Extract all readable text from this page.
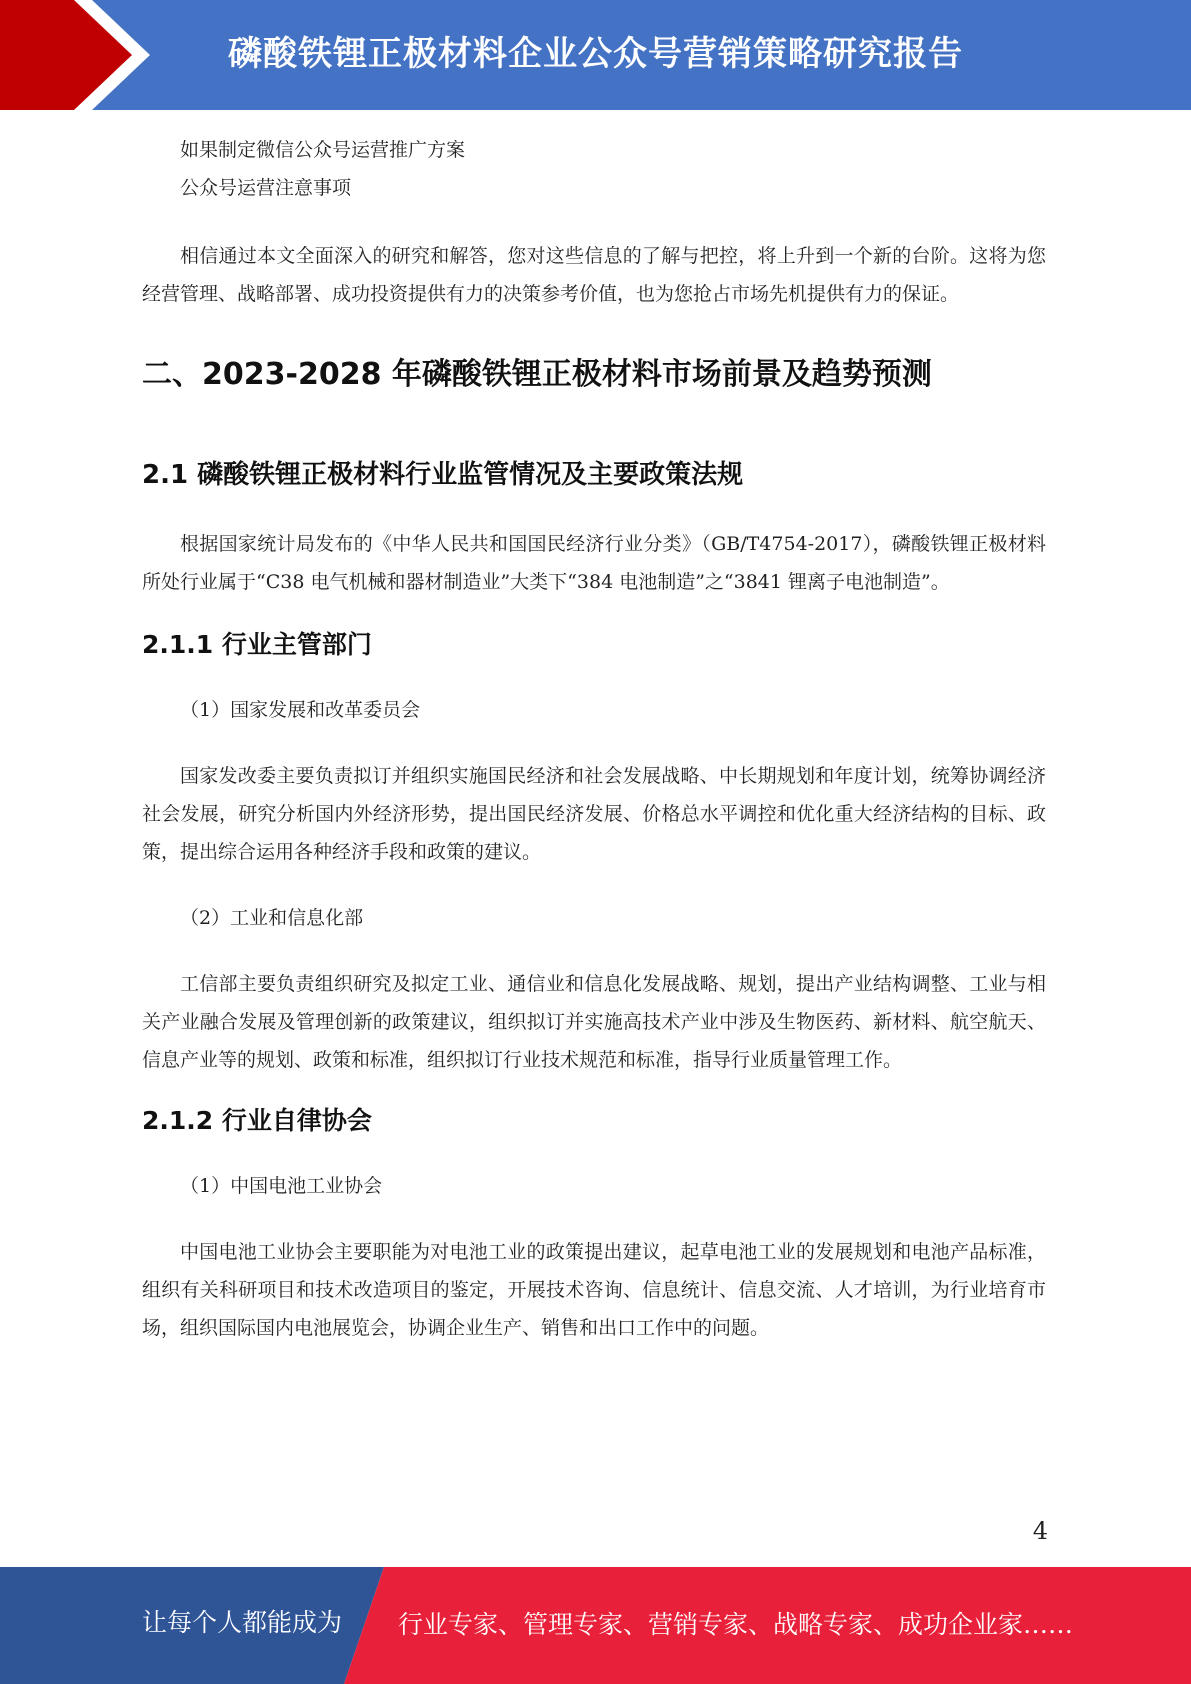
磷酸铁锂正极材料企业公众号营销策略研究报告

如果制定微信公众号运营推广方案

公众号运营注意事项

相信通过本文全面深入的研究和解答，您对这些信息的了解与把控，将上升到一个新的台阶。这将为您经营管理、战略部署、成功投资提供有力的决策参考价值，也为您抢占市场先机提供有力的保证。

二、2023-2028 年磷酸铁锂正极材料市场前景及趋势预测
2.1 磷酸铁锂正极材料行业监管情况及主要政策法规

根据国家统计局发布的《中华人民共和国国民经济行业分类》（GB/T4754-2017），磷酸铁锂正极材料所处行业属于“C38 电气机械和器材制造业”大类下“384 电池制造”之“3841 锂离子电池制造”。

2.1.1 行业主管部门

（1）国家发展和改革委员会

国家发改委主要负责拟订并组织实施国民经济和社会发展战略、中长期规划和年度计划，统筹协调经济社会发展，研究分析国内外经济形势，提出国民经济发展、价格总水平调控和优化重大经济结构的目标、政策，提出综合运用各种经济手段和政策的建议。

（2）工业和信息化部

工信部主要负责组织研究及拟定工业、通信业和信息化发展战略、规划，提出产业结构调整、工业与相关产业融合发展及管理创新的政策建议，组织拟订并实施高技术产业中涉及生物医药、新材料、航空航天、信息产业等的规划、政策和标准，组织拟订行业技术规范和标准，指导行业质量管理工作。

2.1.2 行业自律协会

（1）中国电池工业协会

中国电池工业协会主要职能为对电池工业的政策提出建议，起草电池工业的发展规划和电池产品标准，组织有关科研项目和技术改造项目的鉴定，开展技术咨询、信息统计、信息交流、人才培训，为行业培育市场，组织国际国内电池展览会，协调企业生产、销售和出口工作中的问题。

4
让每个人都能成为 行业专家、管理专家、营销专家、战略专家、成功企业家……
